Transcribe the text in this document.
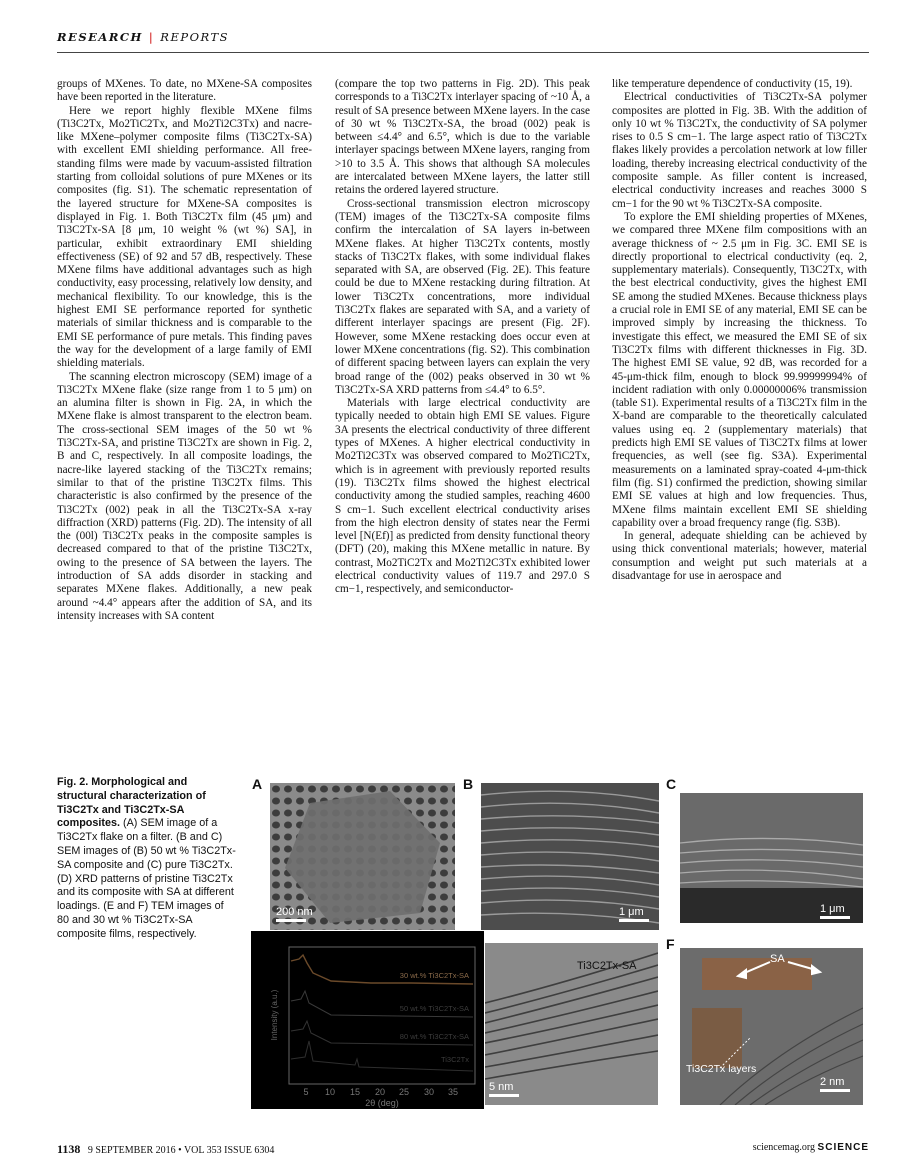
RESEARCH | REPORTS

groups of MXenes. To date, no MXene-SA composites have been reported in the literature.

Here we report highly flexible MXene films (Ti3C2Tx, Mo2TiC2Tx, and Mo2Ti2C3Tx) and nacre-like MXene–polymer composite films (Ti3C2Tx-SA) with excellent EMI shielding performance. All free-standing films were made by vacuum-assisted filtration starting from colloidal solutions of pure MXenes or its composites (fig. S1). The schematic representation of the layered structure for MXene-SA composites is displayed in Fig. 1. Both Ti3C2Tx film (45 μm) and Ti3C2Tx-SA [8 μm, 10 weight % (wt %) SA], in particular, exhibit extraordinary EMI shielding effectiveness (SE) of 92 and 57 dB, respectively. These MXene films have additional advantages such as high conductivity, easy processing, relatively low density, and mechanical flexibility. To our knowledge, this is the highest EMI SE performance reported for synthetic materials of similar thickness and is comparable to the EMI SE performance of pure metals. This finding paves the way for the development of a large family of EMI shielding materials.

The scanning electron microscopy (SEM) image of a Ti3C2Tx MXene flake (size range from 1 to 5 μm) on an alumina filter is shown in Fig. 2A, in which the MXene flake is almost transparent to the electron beam. The cross-sectional SEM images of the 50 wt % Ti3C2Tx-SA, and pristine Ti3C2Tx are shown in Fig. 2, B and C, respectively. In all composite loadings, the nacre-like layered stacking of the Ti3C2Tx remains; similar to that of the pristine Ti3C2Tx films. This characteristic is also confirmed by the presence of the Ti3C2Tx (002) peak in all the Ti3C2Tx-SA x-ray diffraction (XRD) patterns (Fig. 2D). The intensity of all the (00l) Ti3C2Tx peaks in the composite samples is decreased compared to that of the pristine Ti3C2Tx, owing to the presence of SA between the layers. The introduction of SA adds disorder in stacking and separates MXene flakes. Additionally, a new peak around ~4.4° appears after the addition of SA, and its intensity increases with SA content

(compare the top two patterns in Fig. 2D). This peak corresponds to a Ti3C2Tx interlayer spacing of ~10 Å, a result of SA presence between MXene layers. In the case of 30 wt % Ti3C2Tx-SA, the broad (002) peak is between ≤4.4° and 6.5°, which is due to the variable interlayer spacings between MXene layers, ranging from >10 to 3.5 Å. This shows that although SA molecules are intercalated between MXene layers, the latter still retains the ordered layered structure.

Cross-sectional transmission electron microscopy (TEM) images of the Ti3C2Tx-SA composite films confirm the intercalation of SA layers in-between MXene flakes. At higher Ti3C2Tx contents, mostly stacks of Ti3C2Tx flakes, with some individual flakes separated with SA, are observed (Fig. 2E). This feature could be due to MXene restacking during filtration. At lower Ti3C2Tx concentrations, more individual Ti3C2Tx flakes are separated with SA, and a variety of different interlayer spacings are present (Fig. 2F). However, some MXene restacking does occur even at lower MXene concentrations (fig. S2). This combination of different spacing between layers can explain the very broad range of the (002) peaks observed in 30 wt % Ti3C2Tx-SA XRD patterns from ≤4.4° to 6.5°.

Materials with large electrical conductivity are typically needed to obtain high EMI SE values. Figure 3A presents the electrical conductivity of three different types of MXenes. A higher electrical conductivity in Mo2Ti2C3Tx was observed compared to Mo2TiC2Tx, which is in agreement with previously reported results (19). Ti3C2Tx films showed the highest electrical conductivity among the studied samples, reaching 4600 S cm−1. Such excellent electrical conductivity arises from the high electron density of states near the Fermi level [N(Ef)] as predicted from density functional theory (DFT) (20), making this MXene metallic in nature. By contrast, Mo2TiC2Tx and Mo2Ti2C3Tx exhibited lower electrical conductivity values of 119.7 and 297.0 S cm−1, respectively, and semiconductor-

like temperature dependence of conductivity (15, 19).

Electrical conductivities of Ti3C2Tx-SA polymer composites are plotted in Fig. 3B. With the addition of only 10 wt % Ti3C2Tx, the conductivity of SA polymer rises to 0.5 S cm−1. The large aspect ratio of Ti3C2Tx flakes likely provides a percolation network at low filler loading, thereby increasing electrical conductivity of the composite sample. As filler content is increased, electrical conductivity increases and reaches 3000 S cm−1 for the 90 wt % Ti3C2Tx-SA composite.

To explore the EMI shielding properties of MXenes, we compared three MXene film compositions with an average thickness of ~ 2.5 μm in Fig. 3C. EMI SE is directly proportional to electrical conductivity (eq. 2, supplementary materials). Consequently, Ti3C2Tx, with the best electrical conductivity, gives the highest EMI SE among the studied MXenes. Because thickness plays a crucial role in EMI SE of any material, EMI SE can be improved simply by increasing the thickness. To investigate this effect, we measured the EMI SE of six Ti3C2Tx films with different thicknesses in Fig. 3D. The highest EMI SE value, 92 dB, was recorded for a 45-μm-thick film, enough to block 99.99999994% of incident radiation with only 0.00000006% transmission (table S1). Experimental results of a Ti3C2Tx film in the X-band are comparable to the theoretically calculated values using eq. 2 (supplementary materials) that predicts high EMI SE values of Ti3C2Tx films at lower frequencies, as well (see fig. S3A). Experimental measurements on a laminated spray-coated 4-μm-thick film (fig. S1) confirmed the prediction, showing similar EMI SE values at high and low frequencies. Thus, MXene films maintain excellent EMI SE shielding capability over a broad frequency range (fig. S3B).

In general, adequate shielding can be achieved by using thick conventional materials; however, material consumption and weight put such materials at a disadvantage for use in aerospace and

Fig. 2. Morphological and structural characterization of Ti3C2Tx and Ti3C2Tx-SA composites. (A) SEM image of a Ti3C2Tx flake on a filter. (B and C) SEM images of (B) 50 wt % Ti3C2Tx-SA composite and (C) pure Ti3C2Tx. (D) XRD patterns of pristine Ti3C2Tx and its composite with SA at different loadings. (E and F) TEM images of 80 and 30 wt % Ti3C2Tx-SA composite films, respectively.
A	B	C
F
200 nm	1 μm	1 μm
Intensity (a.u.)
2θ (deg)
5 10 15 20 25 30 35
30 wt.% Ti3C2Tx-SA
50 wt.% Ti3C2Tx-SA
80 wt.% Ti3C2Tx-SA
Ti3C2Tx
Ti3C2Tx-SA
5 nm
SA
Ti3C2Tx layers
2 nm
1138 9 SEPTEMBER 2016 • VOL 353 ISSUE 6304	sciencemag.org SCIENCE
